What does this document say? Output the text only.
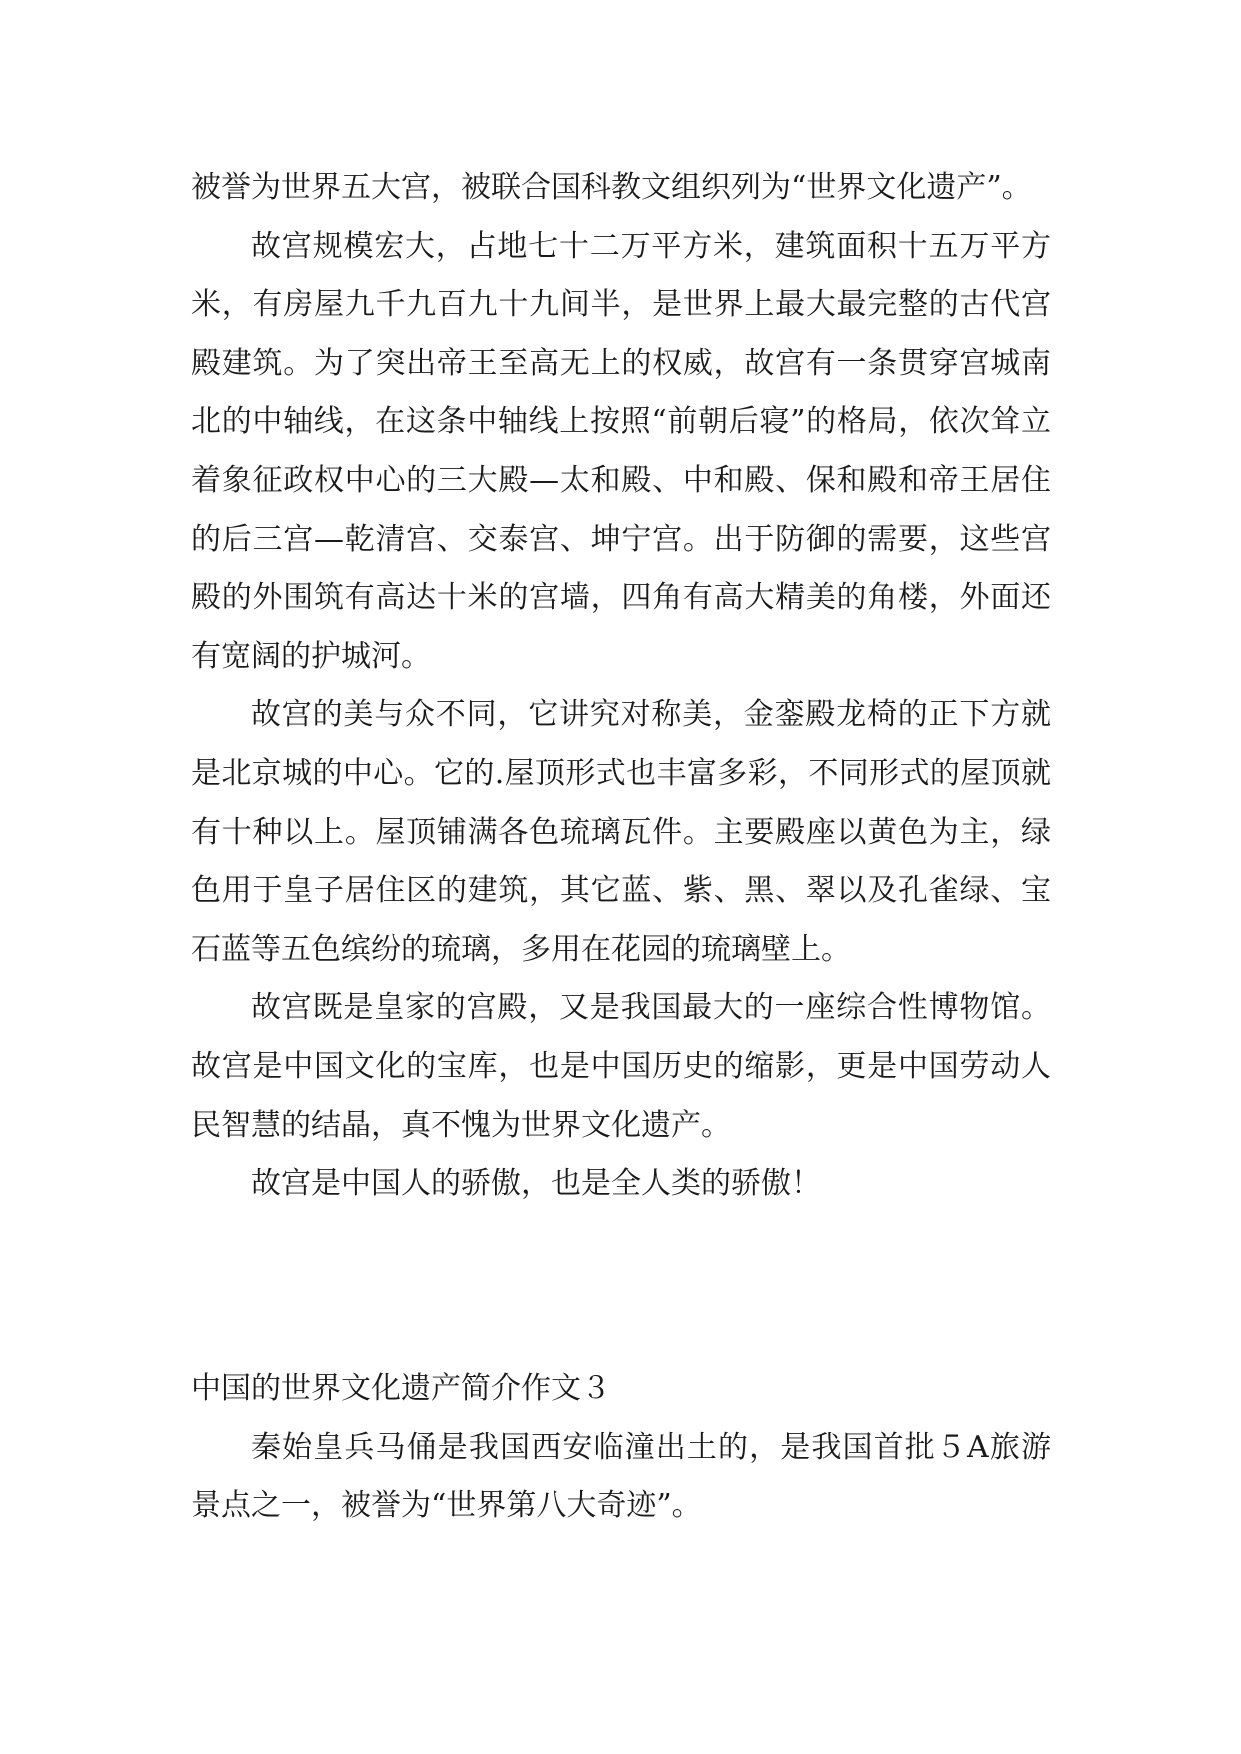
被誉为世界五大宫，被联合国科教文组织列为“世界文化遗产”。

故宫规模宏大，占地七十二万平方米，建筑面积十五万平方米，有房屋九千九百九十九间半，是世界上最大最完整的古代宫殿建筑。为了突出帝王至高无上的权威，故宫有一条贯穿宫城南北的中轴线，在这条中轴线上按照“前朝后寝”的格局，依次耸立着象征政权中心的三大殿—太和殿、中和殿、保和殿和帝王居住的后三宫—乾清宫、交泰宫、坤宁宫。出于防御的需要，这些宫殿的外围筑有高达十米的宫墙，四角有高大精美的角楼，外面还有宽阔的护城河。

故宫的美与众不同，它讲究对称美，金銮殿龙椅的正下方就是北京城的中心。它的.屋顶形式也丰富多彩，不同形式的屋顶就有十种以上。屋顶铺满各色琉璃瓦件。主要殿座以黄色为主，绿色用于皇子居住区的建筑，其它蓝、紫、黑、翠以及孔雀绿、宝石蓝等五色缤纷的琉璃，多用在花园的琉璃壁上。

故宫既是皇家的宫殿，又是我国最大的一座综合性博物馆。故宫是中国文化的宝库，也是中国历史的缩影，更是中国劳动人民智慧的结晶，真不愧为世界文化遗产。

故宫是中国人的骄傲，也是全人类的骄傲！

中国的世界文化遗产简介作文３

秦始皇兵马俑是我国西安临潼出土的，是我国首批５A旅游景点之一，被誉为“世界第八大奇迹”。
